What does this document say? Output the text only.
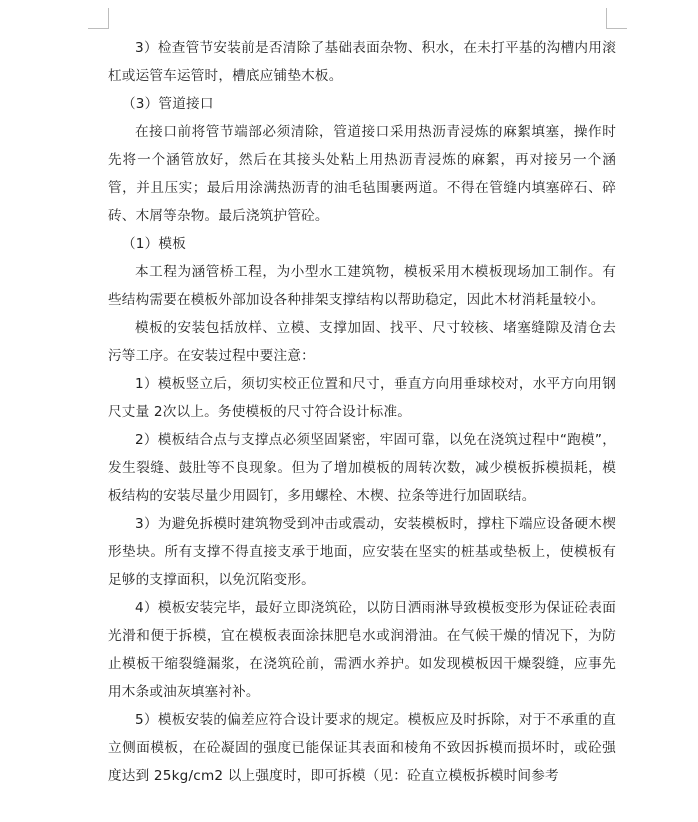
3）检查管节安装前是否清除了基础表面杂物、积水，在未打平基的沟槽内用滚杠或运管车运管时，槽底应铺垫木板。

（3）管道接口

在接口前将管节端部必须清除，管道接口采用热沥青浸炼的麻絮填塞，操作时先将一个涵管放好，然后在其接头处粘上用热沥青浸炼的麻絮，再对接另一个涵管，并且压实；最后用涂满热沥青的油毛毡围裹两道。不得在管缝内填塞碎石、碎砖、木屑等杂物。最后浇筑护管砼。

（1）模板

本工程为涵管桥工程，为小型水工建筑物，模板采用木模板现场加工制作。有些结构需要在模板外部加设各种排架支撑结构以帮助稳定，因此木材消耗量较小。

模板的安装包括放样、立模、支撑加固、找平、尺寸较核、堵塞缝隙及清仓去污等工序。在安装过程中要注意：

1）模板竖立后，须切实校正位置和尺寸，垂直方向用垂球校对，水平方向用钢尺丈量 2次以上。务使模板的尺寸符合设计标准。

2）模板结合点与支撑点必须坚固紧密，牢固可靠，以免在浇筑过程中“跑模”，发生裂缝、鼓肚等不良现象。但为了增加模板的周转次数，减少模板拆模损耗，模板结构的安装尽量少用圆钉，多用螺栓、木楔、拉条等进行加固联结。

3）为避免拆模时建筑物受到冲击或震动，安装模板时，撑柱下端应设备硬木楔形垫块。所有支撑不得直接支承于地面，应安装在坚实的桩基或垫板上，使模板有足够的支撑面积，以免沉陷变形。

4）模板安装完毕，最好立即浇筑砼，以防日洒雨淋导致模板变形为保证砼表面光滑和便于拆模，宜在模板表面涂抹肥皂水或润滑油。在气候干燥的情况下，为防止模板干缩裂缝漏浆，在浇筑砼前，需洒水养护。如发现模板因干燥裂缝，应事先用木条或油灰填塞衬补。

5）模板安装的偏差应符合设计要求的规定。模板应及时拆除，对于不承重的直立侧面模板，在砼凝固的强度已能保证其表面和棱角不致因拆模而损坏时，或砼强度达到 25kg/cm2 以上强度时，即可拆模（见：砼直立模板拆模时间参考
